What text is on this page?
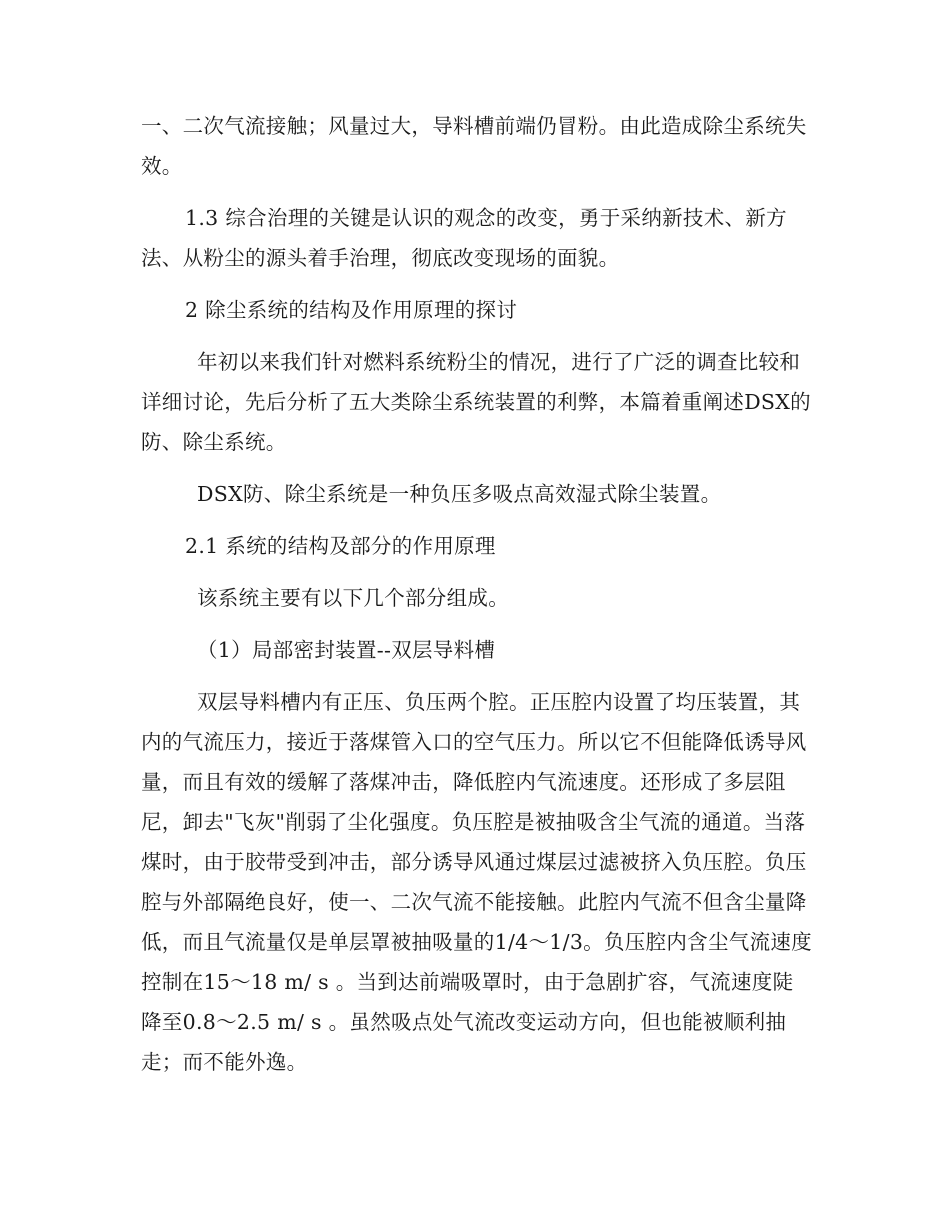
一、二次气流接触；风量过大，导料槽前端仍冒粉。由此造成除尘系统失效。

1.3 综合治理的关键是认识的观念的改变，勇于采纳新技术、新方法、从粉尘的源头着手治理，彻底改变现场的面貌。

2 除尘系统的结构及作用原理的探讨

年初以来我们针对燃料系统粉尘的情况，进行了广泛的调查比较和详细讨论，先后分析了五大类除尘系统装置的利弊，本篇着重阐述DSX的防、除尘系统。

DSX防、除尘系统是一种负压多吸点高效湿式除尘装置。

2.1 系统的结构及部分的作用原理

该系统主要有以下几个部分组成。

（1）局部密封装置--双层导料槽

双层导料槽内有正压、负压两个腔。正压腔内设置了均压装置，其内的气流压力，接近于落煤管入口的空气压力。所以它不但能降低诱导风量，而且有效的缓解了落煤冲击，降低腔内气流速度。还形成了多层阻尼，卸去"飞灰"削弱了尘化强度。负压腔是被抽吸含尘气流的通道。当落煤时，由于胶带受到冲击，部分诱导风通过煤层过滤被挤入负压腔。负压腔与外部隔绝良好，使一、二次气流不能接触。此腔内气流不但含尘量降低，而且气流量仅是单层罩被抽吸量的1/4～1/3。负压腔内含尘气流速度控制在15～18 m/ s 。当到达前端吸罩时，由于急剧扩容，气流速度陡降至0.8～2.5 m/ s 。虽然吸点处气流改变运动方向，但也能被顺利抽走；而不能外逸。
